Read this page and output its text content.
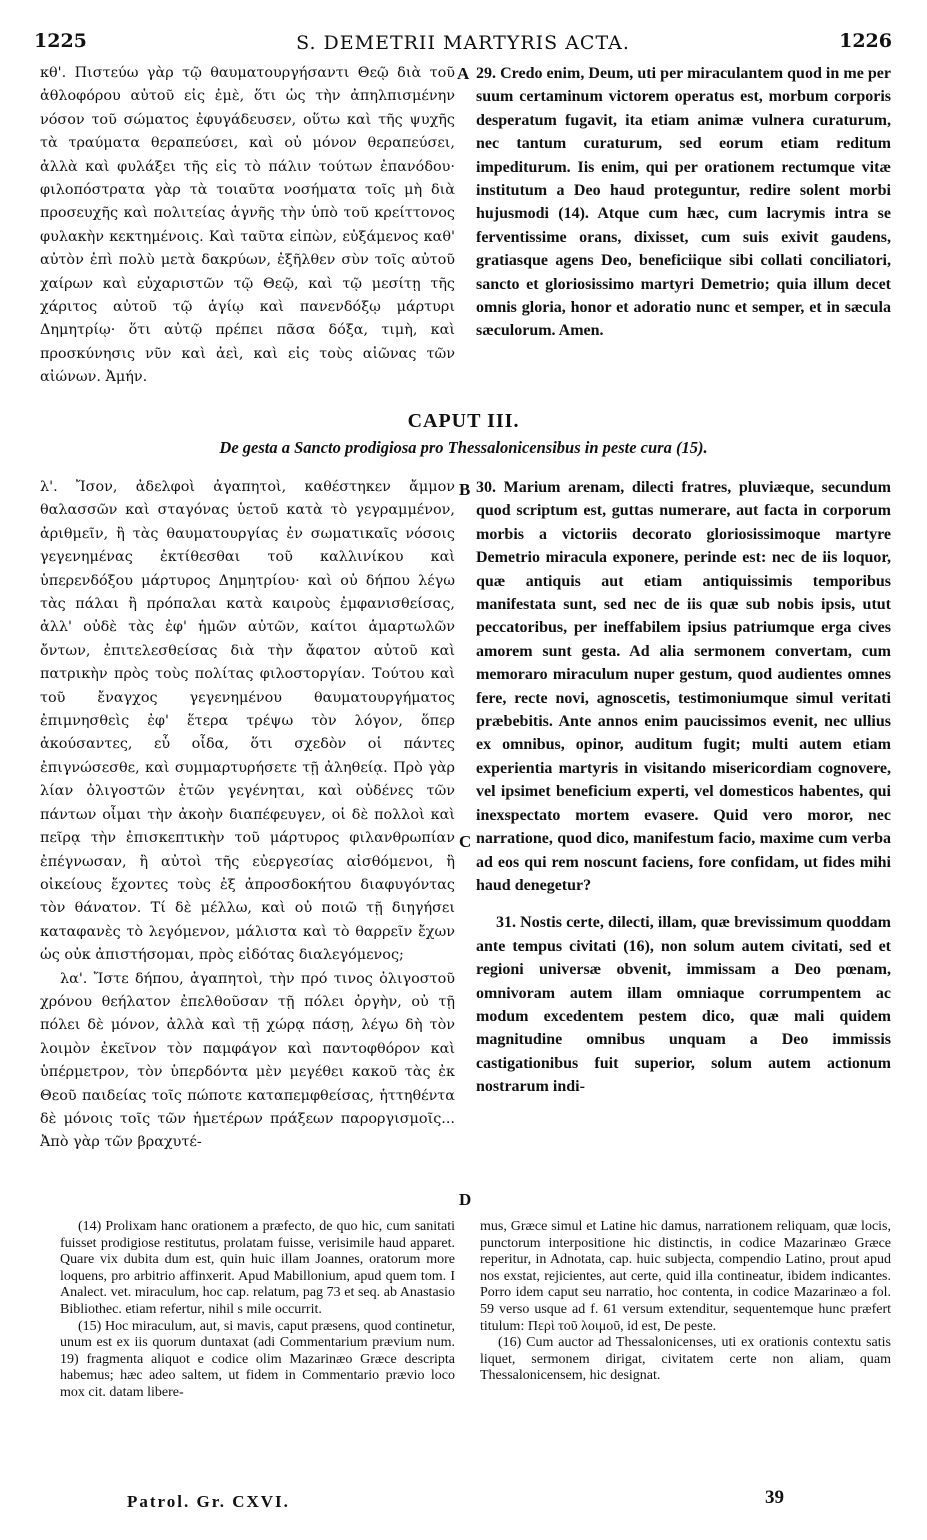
1225	S. DEMETRII MARTYRIS ACTA.	1226

κθ'. Πιστεύω γὰρ τῷ θαυματουργήσαντι Θεῷ διὰ τοῦ ἀθλοφόρου αὐτοῦ εἰς ἐμὲ, ὅτι ὡς τὴν ἀπηλπισμένην νόσον τοῦ σώματος ἐφυγάδευσεν, οὕτω καὶ τῆς ψυχῆς τὰ τραύματα θεραπεύσει, καὶ οὐ μόνον θεραπεύσει, ἀλλὰ καὶ φυλάξει τῆς εἰς τὸ πάλιν τούτων ἐπανόδου· φιλοπόστρατα γὰρ τὰ τοιαῦτα νοσήματα τοῖς μὴ διὰ προσευχῆς καὶ πολιτείας ἁγνῆς τὴν ὑπὸ τοῦ κρείττονος φυλακὴν κεκτημένοις. Καὶ ταῦτα εἰπὼν, εὐξάμενος καθ' αὐτὸν ἐπὶ πολὺ μετὰ δακρύων, ἐξῆλθεν σὺν τοῖς αὐτοῦ χαίρων καὶ εὐχαριστῶν τῷ Θεῷ, καὶ τῷ μεσίτῃ τῆς χάριτος αὐτοῦ τῷ ἁγίῳ καὶ πανενδόξῳ μάρτυρι Δημητρίῳ· ὅτι αὐτῷ πρέπει πᾶσα δόξα, τιμὴ, καὶ προσκύνησις νῦν καὶ ἀεὶ, καὶ εἰς τοὺς αἰῶνας τῶν αἰώνων. Ἀμήν.

A 29. Credo enim, Deum, uti per miraculantem quod in me per suum certaminum victorem operatus est, morbum corporis desperatum fugavit, ita etiam animæ vulnera curaturum, nec tantum curaturum, sed eorum etiam reditum impediturum. Iis enim, qui per orationem rectumque vitæ institutum a Deo haud proteguntur, redire solent morbi hujusmodi (14). Atque cum hæc, cum lacrymis intra se ferventissime orans, dixisset, cum suis exivit gaudens, gratiasque agens Deo, beneficiique sibi collati conciliatori, sancto et gloriosissimo martyri Demetrio; quia illum decet omnis gloria, honor et adoratio nunc et semper, et in sæcula sæculorum. Amen.

CAPUT III.
De gesta a Sancto prodigiosa pro Thessalonicensibus in peste cura (15).

λ'. Ἴσον, ἀδελφοὶ ἀγαπητοὶ, καθέστηκεν ἄμμον θαλασσῶν καὶ σταγόνας ὑετοῦ κατὰ τὸ γεγραμμένον, ἀριθμεῖν, ἢ τὰς θαυματουργίας ἐν σωματικαῖς νόσοις γεγενημένας ἐκτίθεσθαι τοῦ καλλινίκου καὶ ὑπερενδόξου μάρτυρος Δημητρίου· καὶ οὐ δήπου λέγω τὰς πάλαι ἢ πρόπαλαι κατὰ καιροὺς ἐμφανισθείσας, ἀλλ' οὐδὲ τὰς ἐφ' ἡμῶν αὐτῶν, καίτοι ἁμαρτωλῶν ὄντων, ἐπιτελεσθείσας διὰ τὴν ἄφατον αὐτοῦ καὶ πατρικὴν πρὸς τοὺς πολίτας φιλοστοργίαν. Τούτου καὶ τοῦ ἔναγχος γεγενημένου θαυματουργήματος ἐπιμνησθεὶς ἐφ' ἕτερα τρέψω τὸν λόγον, ὅπερ ἀκούσαντες, εὖ οἶδα, ὅτι σχεδὸν οἱ πάντες ἐπιγνώσεσθε, καὶ συμμαρτυρήσετε τῇ ἀληθείᾳ. Πρὸ γὰρ λίαν ὀλιγοστῶν ἐτῶν γεγένηται, καὶ οὐδένες τῶν πάντων οἶμαι τὴν ἀκοὴν διαπέφευγεν, οἱ δὲ πολλοὶ καὶ πεῖρᾳ τὴν ἐπισκεπτικὴν τοῦ μάρτυρος φιλανθρωπίαν ἐπέγνωσαν, ἢ αὐτοὶ τῆς εὐεργεσίας αἰσθόμενοι, ἢ οἰκείους ἔχοντες τοὺς ἐξ ἀπροσδοκήτου διαφυγόντας τὸν θάνατον. Τί δὲ μέλλω, καὶ οὐ ποιῶ τῇ διηγήσει καταφανὲς τὸ λεγόμενον, μάλιστα καὶ τὸ θαρρεῖν ἔχων ὡς οὐκ ἀπιστήσομαι, πρὸς εἰδότας διαλεγόμενος;

λα'. Ἴστε δήπου, ἀγαπητοὶ, τὴν πρό τινος ὀλιγοστοῦ χρόνου θεήλατον ἐπελθοῦσαν τῇ πόλει ὀργὴν, οὐ τῇ πόλει δὲ μόνον, ἀλλὰ καὶ τῇ χώρᾳ πάσῃ, λέγω δὴ τὸν λοιμὸν ἐκεῖνον τὸν παμφάγον καὶ παντοφθόρον καὶ ὑπέρμετρον, τὸν ὑπερδόντα μὲν μεγέθει κακοῦ τὰς ἐκ Θεοῦ παιδείας τοῖς πώποτε καταπεμφθείσας, ἡττηθέντα δὲ μόνοις τοῖς τῶν ἡμετέρων πράξεων παροργισμοῖς... Ἀπὸ γὰρ τῶν βραχυτέ-

B
C
D

30. Marium arenam, dilecti fratres, pluviæque, secundum quod scriptum est, guttas numerare, aut facta in corporum morbis a victoriis decorato gloriosissimoque martyre Demetrio miracula exponere, perinde est: nec de iis loquor, quæ antiquis aut etiam antiquissimis temporibus manifestata sunt, sed nec de iis quæ sub nobis ipsis, utut peccatoribus, per ineffabilem ipsius patriumque erga cives amorem sunt gesta. Ad alia sermonem convertam, cum memoraro miraculum nuper gestum, quod audientes omnes fere, recte novi, agnoscetis, testimoniumque simul veritati præbebitis. Ante annos enim paucissimos evenit, nec ullius ex omnibus, opinor, auditum fugit; multi autem etiam experientia martyris in visitando misericordiam cognovere, vel ipsimet beneficium experti, vel domesticos habentes, qui inexspectato mortem evasere. Quid vero moror, nec narratione, quod dico, manifestum facio, maxime cum verba ad eos qui rem noscunt faciens, fore confidam, ut fides mihi haud denegetur?

31. Nostis certe, dilecti, illam, quæ brevissimum quoddam ante tempus civitati (16), non solum autem civitati, sed et regioni universæ obvenit, immissam a Deo pœnam, omnivoram autem illam omniaque corrumpentem ac modum excedentem pestem dico, quæ mali quidem magnitudine omnibus unquam a Deo immissis castigationibus fuit superior, solum autem actionum nostrarum indi-

(14) Prolixam hanc orationem a præfecto, de quo hic, cum sanitati fuisset prodigiose restitutus, prolatam fuisse, verisimile haud apparet. Quare vix dubita dum est, quin huic illam Joannes, oratorum more loquens, pro arbitrio affinxerit. Apud Mabillonium, apud quem tom. I Analect. vet. miraculum, hoc cap. relatum, pag 73 et seq. ab Anastasio Bibliothec. etiam refertur, nihil s mile occurrit.

(15) Hoc miraculum, aut, si mavis, caput præsens, quod continetur, unum est ex iis quorum duntaxat (adi Commentarium prævium num. 19) fragmenta aliquot e codice olim Mazarinæo Græce descripta habemus; hæc adeo saltem, ut fidem in Commentario prævio loco mox cit. datam libere-

mus, Græce simul et Latine hic damus, narrationem reliquam, quæ locis, punctorum interpositione hic distinctis, in codice Mazarinæo Græce reperitur, in Adnotata, cap. huic subjecta, compendio Latino, prout apud nos exstat, rejicientes, aut certe, quid illa contineatur, ibidem indicantes. Porro idem caput seu narratio, hoc contenta, in codice Mazarinæo a fol. 59 verso usque ad f. 61 versum extenditur, sequentemque hunc præfert titulum: Περὶ τοῦ λοιμοῦ, id est, De peste.

(16) Cum auctor ad Thessalonicenses, uti ex orationis contextu satis liquet, sermonem dirigat, civitatem certe non aliam, quam Thessalonicensem, hic designat.

Patrol. Gr. CXVI.	39
